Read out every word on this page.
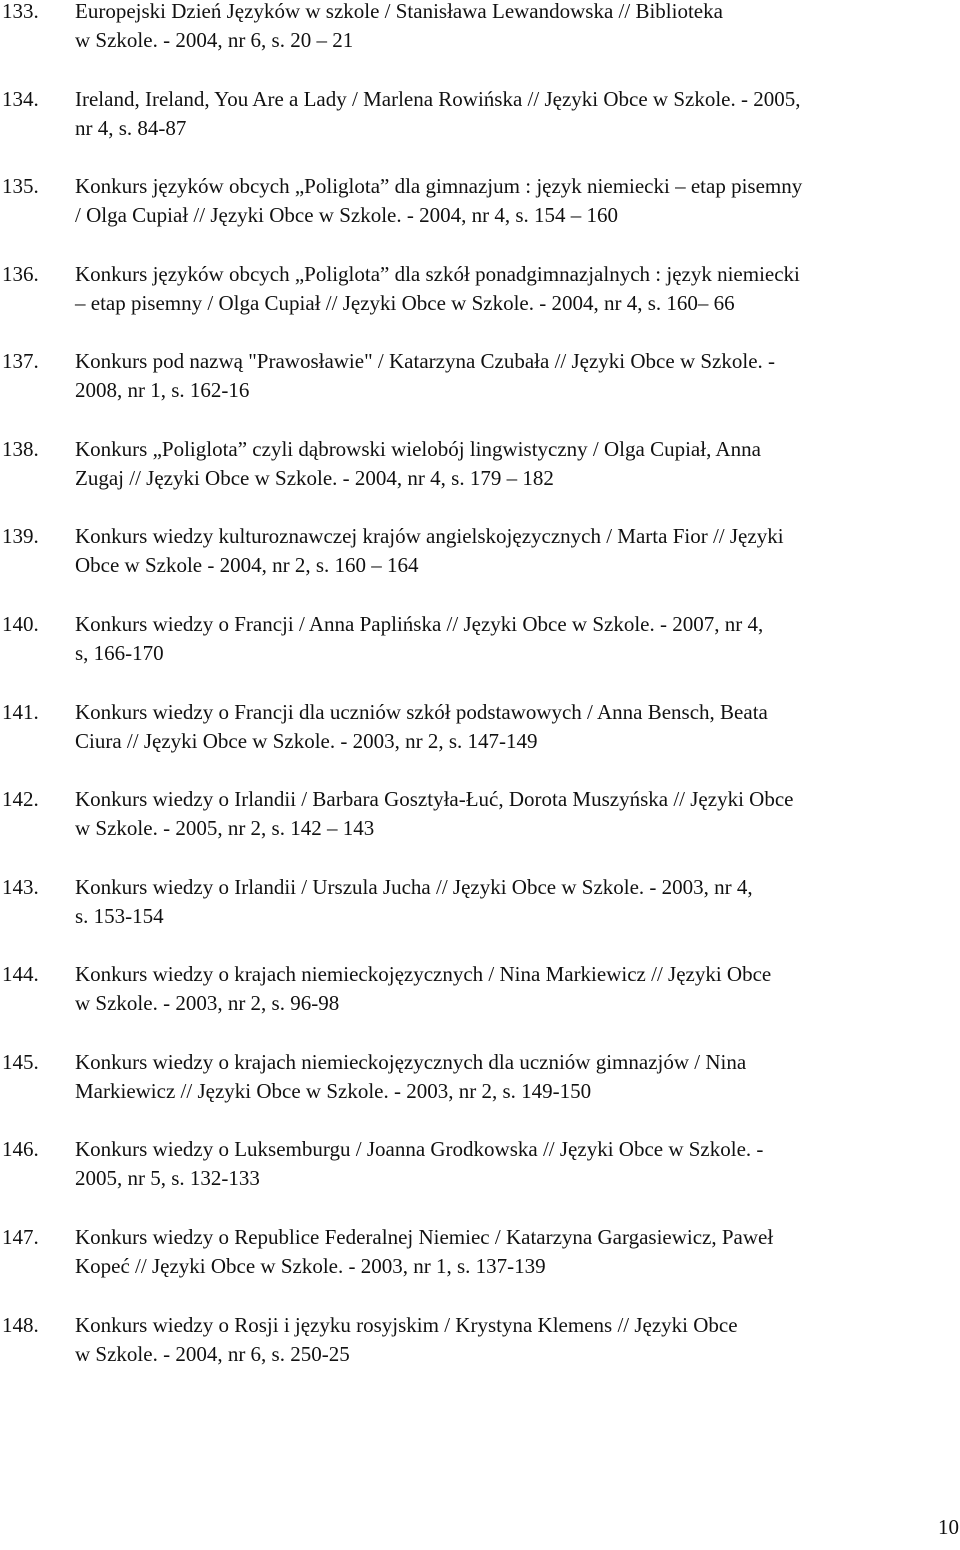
133. Europejski Dzień Języków w szkole / Stanisława Lewandowska // Biblioteka
w Szkole. - 2004, nr 6, s. 20 – 21
134. Ireland, Ireland, You Are a Lady / Marlena Rowińska // Języki Obce w Szkole. - 2005,
nr 4, s. 84-87
135. Konkurs języków obcych „Poliglota” dla gimnazjum : język niemiecki – etap pisemny
/ Olga Cupiał // Języki Obce w Szkole. - 2004, nr 4, s. 154 – 160
136. Konkurs języków obcych „Poliglota” dla szkół ponadgimnazjalnych : język niemiecki
– etap pisemny / Olga Cupiał // Języki Obce w Szkole. - 2004, nr 4, s. 160– 66
137. Konkurs pod nazwą "Prawosławie" / Katarzyna Czubała // Języki Obce w Szkole. -
2008, nr 1, s. 162-16
138. Konkurs „Poliglota” czyli dąbrowski wielobój lingwistyczny / Olga Cupiał, Anna
Zugaj // Języki Obce w Szkole. - 2004, nr 4, s. 179 – 182
139. Konkurs wiedzy kulturoznawczej krajów angielskojęzycznych / Marta Fior // Języki
Obce w Szkole - 2004, nr 2, s. 160 – 164
140. Konkurs wiedzy o Francji / Anna Paplińska // Języki Obce w Szkole. - 2007, nr 4,
s, 166-170
141. Konkurs wiedzy o Francji dla uczniów szkół podstawowych / Anna Bensch, Beata
Ciura // Języki Obce w Szkole. - 2003, nr 2, s. 147-149
142. Konkurs wiedzy o Irlandii / Barbara Gosztyła-Łuć, Dorota Muszyńska // Języki Obce
w Szkole. - 2005, nr 2, s. 142 – 143
143. Konkurs wiedzy o Irlandii / Urszula Jucha // Języki Obce w Szkole. - 2003, nr 4,
s. 153-154
144. Konkurs wiedzy o krajach niemieckojęzycznych / Nina Markiewicz // Języki Obce
w Szkole. - 2003, nr 2, s. 96-98
145. Konkurs wiedzy o krajach niemieckojęzycznych dla uczniów gimnazjów / Nina
Markiewicz // Języki Obce w Szkole. - 2003, nr 2, s. 149-150
146. Konkurs wiedzy o Luksemburgu / Joanna Grodkowska // Języki Obce w Szkole. -
2005, nr 5, s. 132-133
147. Konkurs wiedzy o Republice Federalnej Niemiec / Katarzyna Gargasiewicz, Paweł
Kopeć // Języki Obce w Szkole. - 2003, nr 1, s. 137-139
148. Konkurs wiedzy o Rosji i języku rosyjskim / Krystyna Klemens // Języki Obce
w Szkole. - 2004, nr 6, s. 250-25
10
